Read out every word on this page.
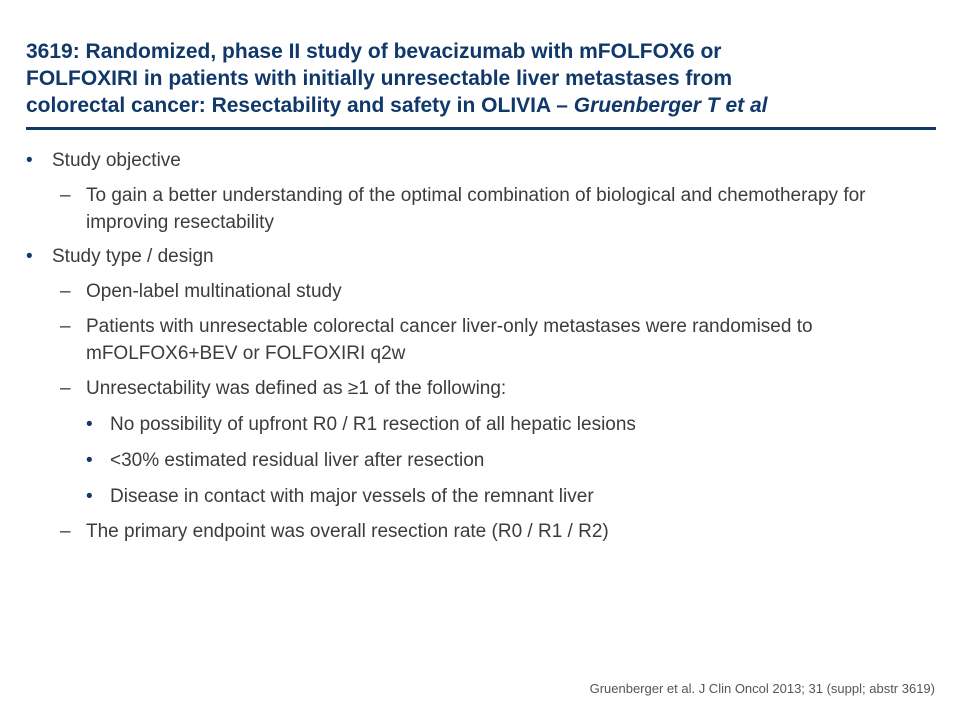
3619: Randomized, phase II study of bevacizumab with mFOLFOX6 or
FOLFOXIRI in patients with initially unresectable liver metastases from
colorectal cancer: Resectability and safety in OLIVIA – Gruenberger T et al
• Study objective
– To gain a better understanding of the optimal combination of biological and chemotherapy for improving resectability
• Study type / design
– Open-label multinational study
– Patients with unresectable colorectal cancer liver-only metastases were randomised to mFOLFOX6+BEV or FOLFOXIRI q2w
– Unresectability was defined as ≥1 of the following:
• No possibility of upfront R0 / R1 resection of all hepatic lesions
• <30% estimated residual liver after resection
• Disease in contact with major vessels of the remnant liver
– The primary endpoint was overall resection rate (R0 / R1 / R2)
Gruenberger et al. J Clin Oncol 2013; 31 (suppl; abstr 3619)
